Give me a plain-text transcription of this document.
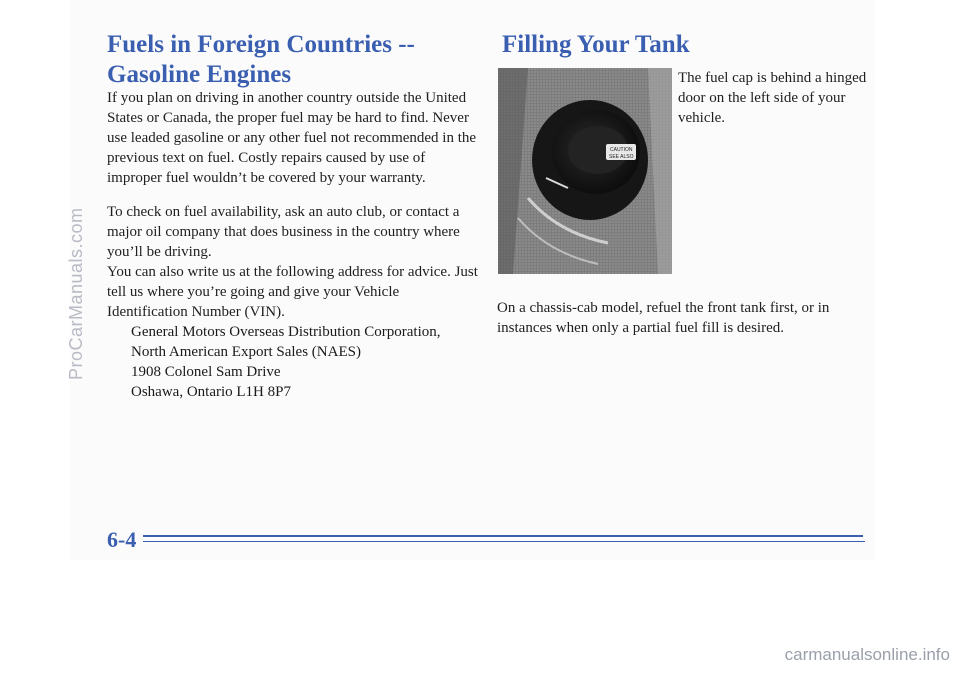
Fuels in Foreign Countries -- Gasoline Engines

If you plan on driving in another country outside the United States or Canada, the proper fuel may be hard to find. Never use leaded gasoline or any other fuel not recommended in the previous text on fuel. Costly repairs caused by use of improper fuel wouldn’t be covered by your warranty.

To check on fuel availability, ask an auto club, or contact a major oil company that does business in the country where you’ll be driving.

You can also write us at the following address for advice. Just tell us where you’re going and give your Vehicle Identification Number (VIN).

General Motors Overseas Distribution Corporation,
North American Export Sales (NAES)
1908 Colonel Sam Drive
Oshawa, Ontario L1H 8P7
Filling Your Tank
CAUTION
SEE ALSO

The fuel cap is behind a hinged door on the left side of your vehicle.

On a chassis-cab model, refuel the front tank first, or in instances when only a partial fuel fill is desired.

6-4

ProCarManuals.com
carmanualsonline.info
